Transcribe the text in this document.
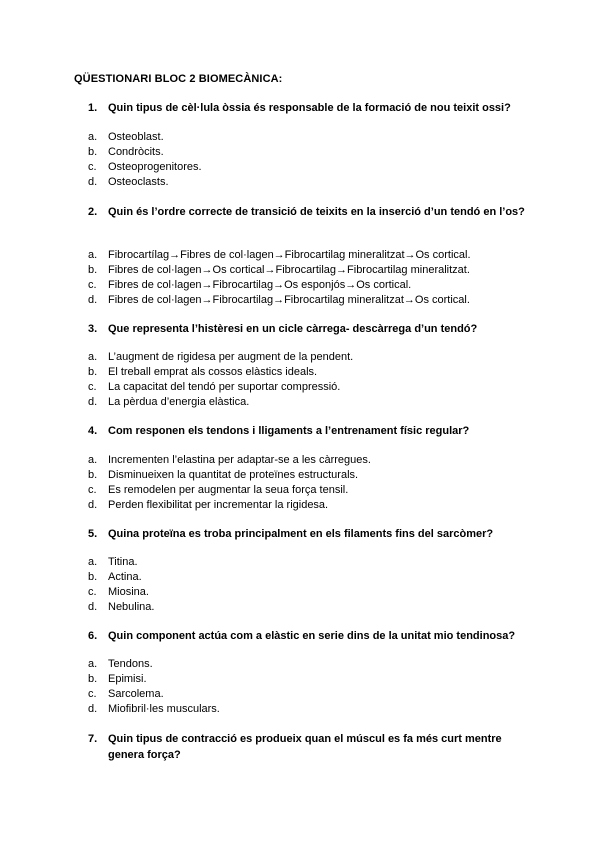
QÜESTIONARI BLOC 2 BIOMECÀNICA:
1. Quin tipus de cèl·lula òssia és responsable de la formació de nou teixit ossi?
a. Osteoblast.
b. Condròcits.
c. Osteoprogenitores.
d. Osteoclasts.
2. Quin és l’ordre correcte de transició de teixits en la inserció d’un tendó en l’os?
a. Fibrocartílag→Fibres de col·lagen→Fibrocartilag mineralitzat→Os cortical.
b. Fibres de col·lagen→Os cortical→Fibrocartilag→Fibrocartilag mineralitzat.
c. Fibres de col·lagen→Fibrocartilag→Os esponjós→Os cortical.
d. Fibres de col·lagen→Fibrocartilag→Fibrocartilag mineralitzat→Os cortical.
3. Que representa l’histèresi en un cicle càrrega- descàrrega d’un tendó?
a. L’augment de rigidesa per augment de la pendent.
b. El treball emprat als cossos elàstics ideals.
c. La capacitat del tendó per suportar compressió.
d. La pèrdua d’energia elàstica.
4. Com responen els tendons i lligaments a l’entrenament físic regular?
a. Incrementen l’elastina per adaptar-se a les càrregues.
b. Disminueixen la quantitat de proteïnes estructurals.
c. Es remodelen per augmentar la seua força tensil.
d. Perden flexibilitat per incrementar la rigidesa.
5. Quina proteïna es troba principalment en els filaments fins del sarcòmer?
a. Titina.
b. Actina.
c. Miosina.
d. Nebulina.
6. Quin component actúa com a elàstic en serie dins de la unitat mio tendinosa?
a. Tendons.
b. Epimisi.
c. Sarcolema.
d. Miofibril·les musculars.
7. Quin tipus de contracció es produeix quan el múscul es fa més curt mentre genera força?
